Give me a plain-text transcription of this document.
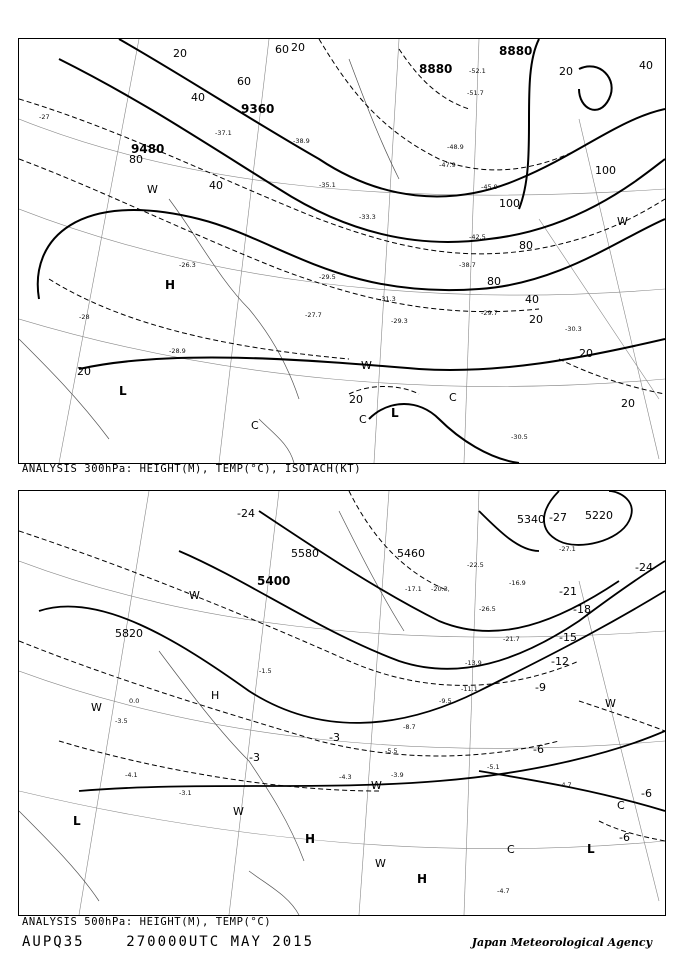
9360
9480
8880
8880
20
40
60
80
100
40
60
80
100
40
20
20
20
20
20
20
80
40
20
H
L
L
W
W
W
C
C
C
-27
-28
-29.5
-31.3
-29.7
-30.3
-30.5
-33.3
-38.7
-42.5
-45.9
-47.9
-48.9
-51.7
-52.1
-35.1
-38.9
-37.1
-26.3
-28.9
-27.7
-29.3
ANALYSIS 300hPa: HEIGHT(M), TEMP(°C), ISOTACH(KT)
5820
5580
5400
5460
5340	5220
-24	-27
-21
-18
-15
-12
-9
-6
-3
-3
-6
-6
-24
H
H
H
L
L
C
C
W
W
W
W
W
W
-3.5
-4.1	-4.3
-5.1
-4.7
-3.9
-5.5
-8.7
-9.5
-11.1
-13.9
-17.1 -20.3
-22.5
-26.5
-27.1
-21.7
-16.9
-4.7
-3.1
-1.5
0.0
ANALYSIS 500hPa: HEIGHT(M), TEMP(°C)
AUPQ35	270000UTC MAY 2015	Japan Meteorological Agency
